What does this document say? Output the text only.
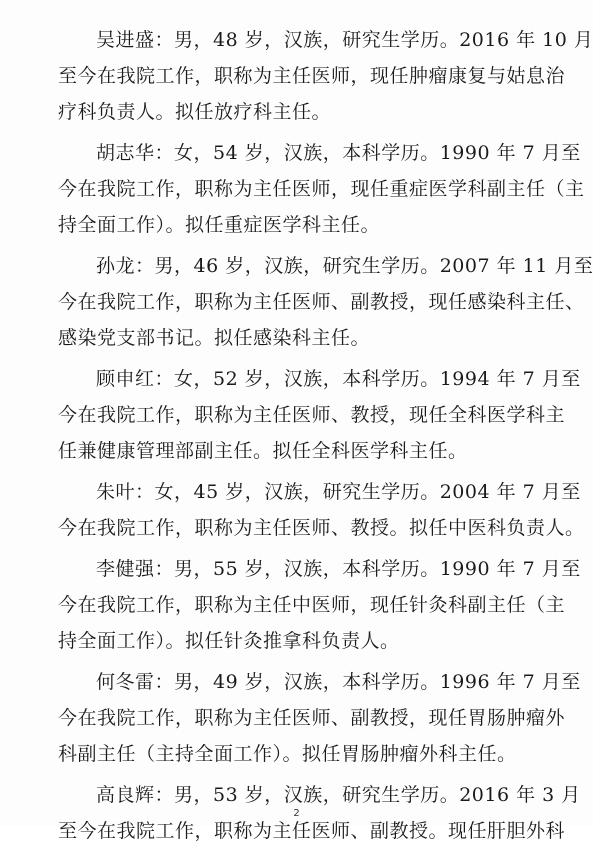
吴进盛：男，48 岁，汉族，研究生学历。2016 年 10 月
至今在我院工作，职称为主任医师，现任肿瘤康复与姑息治
疗科负责人。拟任放疗科主任。
胡志华：女，54 岁，汉族，本科学历。1990 年 7 月至
今在我院工作，职称为主任医师，现任重症医学科副主任（主
持全面工作）。拟任重症医学科主任。
孙龙：男，46 岁，汉族，研究生学历。2007 年 11 月至
今在我院工作，职称为主任医师、副教授，现任感染科主任、
感染党支部书记。拟任感染科主任。
顾申红：女，52 岁，汉族，本科学历。1994 年 7 月至
今在我院工作，职称为主任医师、教授，现任全科医学科主
任兼健康管理部副主任。拟任全科医学科主任。
朱叶：女，45 岁，汉族，研究生学历。2004 年 7 月至
今在我院工作，职称为主任医师、教授。拟任中医科负责人。
李健强：男，55 岁，汉族，本科学历。1990 年 7 月至
今在我院工作，职称为主任中医师，现任针灸科副主任（主
持全面工作）。拟任针灸推拿科负责人。
何冬雷：男，49 岁，汉族，本科学历。1996 年 7 月至
今在我院工作，职称为主任医师、副教授，现任胃肠肿瘤外
科副主任（主持全面工作）。拟任胃肠肿瘤外科主任。
高良辉：男，53 岁，汉族，研究生学历。2016 年 3 月
至今在我院工作，职称为主任医师、副教授。现任肝胆外科
2
